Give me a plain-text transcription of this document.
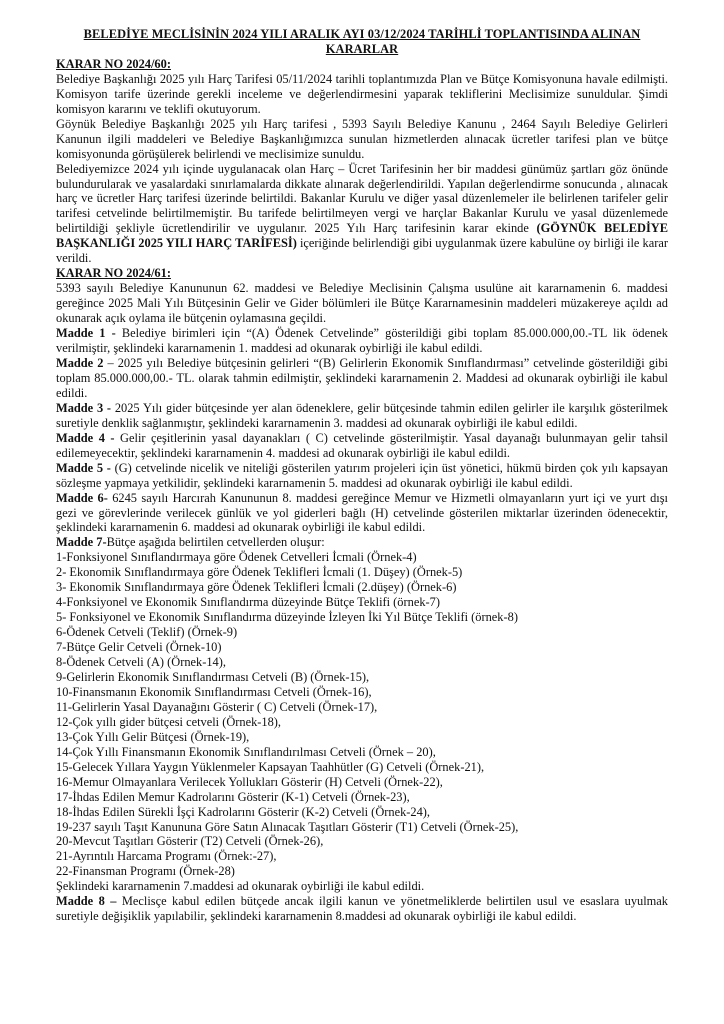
BELEDİYE MECLİSİNİN 2024 YILI ARALIK AYI 03/12/2024 TARİHLİ TOPLANTISINDA ALINAN KARARLAR

KARAR NO 2024/60:

Belediye Başkanlığı 2025 yılı Harç Tarifesi 05/11/2024 tarihli toplantımızda Plan ve Bütçe Komisyonuna havale edilmişti. Komisyon tarife üzerinde gerekli inceleme ve değerlendirmesini yaparak tekliflerini Meclisimize sunuldular. Şimdi komisyon kararını ve teklifi okutuyorum.

Göynük Belediye Başkanlığı 2025 yılı Harç tarifesi , 5393 Sayılı Belediye Kanunu , 2464 Sayılı Belediye Gelirleri Kanunun ilgili maddeleri ve Belediye Başkanlığımızca sunulan hizmetlerden alınacak ücretler tarifesi plan ve bütçe komisyonunda görüşülerek belirlendi ve meclisimize sunuldu.

Belediyemizce 2024 yılı içinde uygulanacak olan Harç – Ücret Tarifesinin her bir maddesi günümüz şartları göz önünde bulundurularak ve yasalardaki sınırlamalarda dikkate alınarak değerlendirildi. Yapılan değerlendirme sonucunda , alınacak harç ve ücretler Harç tarifesi üzerinde belirtildi. Bakanlar Kurulu ve diğer yasal düzenlemeler ile belirlenen tarifeler gelir tarifesi cetvelinde belirtilmemiştir. Bu tarifede belirtilmeyen vergi ve harçlar Bakanlar Kurulu ve yasal düzenlemede belirtildiği şekliyle ücretlendirilir ve uygulanır. 2025 Yılı Harç tarifesinin karar ekinde (GÖYNÜK BELEDİYE BAŞKANLIĞI 2025 YILI HARÇ TARİFESİ) içeriğinde belirlendiği gibi uygulanmak üzere kabulüne oy birliği ile karar verildi.

KARAR NO 2024/61:

5393 sayılı Belediye Kanununun 62. maddesi ve Belediye Meclisinin Çalışma usulüne ait kararnamenin 6. maddesi gereğince 2025 Mali Yılı Bütçesinin Gelir ve Gider bölümleri ile Bütçe Kararnamesinin maddeleri müzakereye açıldı ad okunarak açık oylama ile bütçenin oylamasına geçildi.

Madde 1 - Belediye birimleri için “(A) Ödenek Cetvelinde” gösterildiği gibi toplam 85.000.000,00.-TL lik ödenek verilmiştir, şeklindeki kararnamenin 1. maddesi ad okunarak oybirliği ile kabul edildi.

Madde 2 – 2025 yılı Belediye bütçesinin gelirleri “(B) Gelirlerin Ekonomik Sınıflandırması” cetvelinde gösterildiği gibi toplam 85.000.000,00.- TL. olarak tahmin edilmiştir, şeklindeki kararnamenin 2. Maddesi ad okunarak oybirliği ile kabul edildi.

Madde 3 - 2025 Yılı gider bütçesinde yer alan ödeneklere, gelir bütçesinde tahmin edilen gelirler ile karşılık gösterilmek suretiyle denklik sağlanmıştır, şeklindeki kararnamenin 3. maddesi ad okunarak oybirliği ile kabul edildi.

Madde 4 - Gelir çeşitlerinin yasal dayanakları ( C) cetvelinde gösterilmiştir. Yasal dayanağı bulunmayan gelir tahsil edilemeyecektir, şeklindeki kararnamenin 4. maddesi ad okunarak oybirliği ile kabul edildi.

Madde 5 - (G) cetvelinde nicelik ve niteliği gösterilen yatırım projeleri için üst yönetici, hükmü birden çok yılı kapsayan sözleşme yapmaya yetkilidir, şeklindeki kararnamenin 5. maddesi ad okunarak oybirliği ile kabul edildi.

Madde 6- 6245 sayılı Harcırah Kanununun 8. maddesi gereğince Memur ve Hizmetli olmayanların yurt içi ve yurt dışı gezi ve görevlerinde verilecek günlük ve yol giderleri bağlı (H) cetvelinde gösterilen miktarlar üzerinden ödenecektir, şeklindeki kararnamenin 6. maddesi ad okunarak oybirliği ile kabul edildi.

Madde 7-Bütçe aşağıda belirtilen cetvellerden oluşur:

1-Fonksiyonel Sınıflandırmaya göre Ödenek Cetvelleri İcmali (Örnek-4)

2- Ekonomik Sınıflandırmaya göre Ödenek Teklifleri İcmali (1. Düşey) (Örnek-5)

3- Ekonomik Sınıflandırmaya göre Ödenek Teklifleri İcmali (2.düşey) (Örnek-6)

4-Fonksiyonel ve Ekonomik Sınıflandırma düzeyinde Bütçe Teklifi (örnek-7)

5- Fonksiyonel ve Ekonomik Sınıflandırma düzeyinde İzleyen İki Yıl Bütçe Teklifi (örnek-8)

6-Ödenek Cetveli (Teklif) (Örnek-9)

7-Bütçe Gelir Cetveli (Örnek-10)

8-Ödenek Cetveli (A) (Örnek-14),

9-Gelirlerin Ekonomik Sınıflandırması Cetveli (B) (Örnek-15),

10-Finansmanın Ekonomik Sınıflandırması Cetveli (Örnek-16),

11-Gelirlerin Yasal Dayanağını Gösterir ( C) Cetveli (Örnek-17),

12-Çok yıllı gider bütçesi cetveli (Örnek-18),

13-Çok Yıllı Gelir Bütçesi (Örnek-19),

14-Çok Yıllı Finansmanın Ekonomik Sınıflandırılması Cetveli (Örnek – 20),

15-Gelecek Yıllara Yaygın Yüklenmeler Kapsayan Taahhütler (G) Cetveli (Örnek-21),

16-Memur Olmayanlara Verilecek Yollukları Gösterir (H) Cetveli (Örnek-22),

17-İhdas Edilen Memur Kadrolarını Gösterir (K-1) Cetveli (Örnek-23),

18-İhdas Edilen Sürekli İşçi Kadrolarını Gösterir (K-2) Cetveli (Örnek-24),

19-237 sayılı Taşıt Kanununa Göre Satın Alınacak Taşıtları Gösterir (T1) Cetveli (Örnek-25),

20-Mevcut Taşıtları Gösterir (T2) Cetveli (Örnek-26),

21-Ayrıntılı Harcama Programı (Örnek:-27),

22-Finansman Programı (Örnek-28)

Şeklindeki kararnamenin 7.maddesi ad okunarak oybirliği ile kabul edildi.

Madde 8 – Meclisçe kabul edilen bütçede ancak ilgili kanun ve yönetmeliklerde belirtilen usul ve esaslara uyulmak suretiyle değişiklik yapılabilir, şeklindeki kararnamenin 8.maddesi ad okunarak oybirliği ile kabul edildi.
